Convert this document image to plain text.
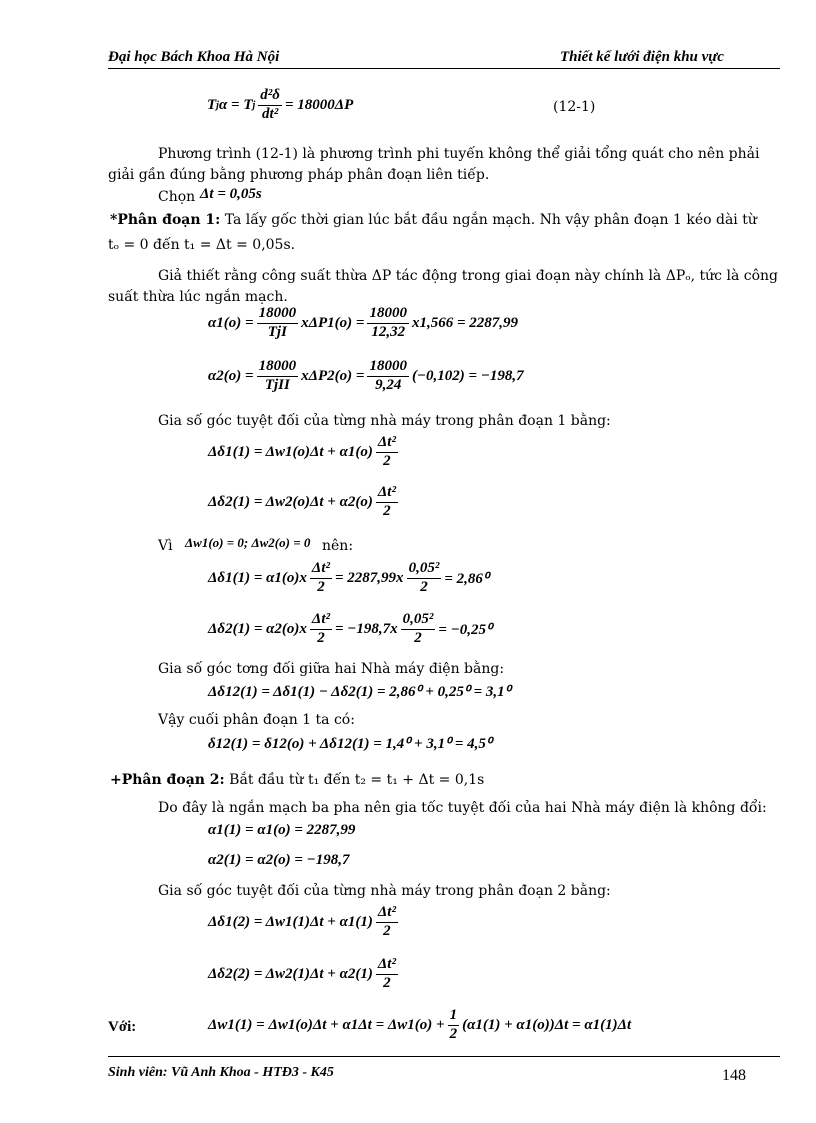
Đại học Bách Khoa Hà Nội	Thiết kế lưới điện khu vực
T j α
=
T j $\frac{\text{d²δ}}{\text{dt²}} = 18000\Delta P$	(12-1)
Phương trình (12-1) là phương trình phi tuyến không thể giải tổng quát cho nên phải
giải gần đúng bằng phương pháp phân đoạn liên tiếp.
Chọn Δt = 0,05s
*Phân đoạn 1: Ta lấy gốc thời gian lúc bắt đầu ngắn mạch. Nh vậy phân đoạn 1 kéo dài từ
tₒ = 0 đến t₁ = Δt = 0,05s.
Giả thiết rằng công suất thừa ΔP tác động trong giai đoạn này chính là ΔPₒ, tức là công
suất thừa lúc ngắn mạch.
$\alpha 1(o) = \frac{18000}{\text{TjI}} x\Delta P1(o) = \frac{18000}{12,32} x1,566 = 2287,99$
$\alpha 2(o) = \frac{18000}{\text{TjII}} x\Delta P2(o) = \frac{18000}{9,24} (-0,102) = -198,7$
Gia số góc tuyệt đối của từng nhà máy trong phân đoạn 1 bằng:
$\Delta\delta 1(1) = \Delta w1(o)\Delta t + \alpha 1(o) \frac{\text{Δt²}}{2}$
$\Delta\delta 2(1) = \Delta w2(o)\Delta t + \alpha 2(o) \frac{\text{Δt²}}{2}$
Vì Δw1(o) = 0; Δw2(o) = 0 nên:
$\Delta\delta 1(1) = \alpha 1(o)x \frac{\text{Δt²}}{2} = 2287,99x \frac{\text{0,05²}}{2} = 2,86^0$
$\Delta\delta 2(1) = \alpha 2(o)x \frac{\text{Δt²}}{2} = -198,7x \frac{\text{0,05²}}{2} = -0,25^0$
Gia số góc tơng đối giữa hai Nhà máy điện bằng:
Δδ12(1) = Δδ1(1) − Δδ2(1) = 2,86⁰ + 0,25⁰ = 3,1⁰
Vậy cuối phân đoạn 1 ta có:
δ12(1) = δ12(o) + Δδ12(1) = 1,4⁰ + 3,1⁰ = 4,5⁰
+Phân đoạn 2: Bắt đầu từ t₁ đến t₂ = t₁ + Δt = 0,1s
Do đây là ngắn mạch ba pha nên gia tốc tuyệt đối của hai Nhà máy điện là không đổi:
α1(1) = α1(o) = 2287,99
α2(1) = α2(o) = −198,7
Gia số góc tuyệt đối của từng nhà máy trong phân đoạn 2 bằng:
$\Delta\delta 1(2) = \Delta w1(1)\Delta t + \alpha 1(1) \frac{\text{Δt²}}{2}$
$\Delta\delta 2(2) = \Delta w2(1)\Delta t + \alpha 2(1) \frac{\text{Δt²}}{2}$
Với:	$\Delta w1(1) = \Delta w1(o)\Delta t + \alpha 1\Delta t = \Delta w1(o) + \frac{1}{2} (\alpha 1(1) + \alpha 1(o))\Delta t = \alpha 1(1)\Delta t$
Sinh viên: Vũ Anh Khoa - HTĐ3 - K45	148
